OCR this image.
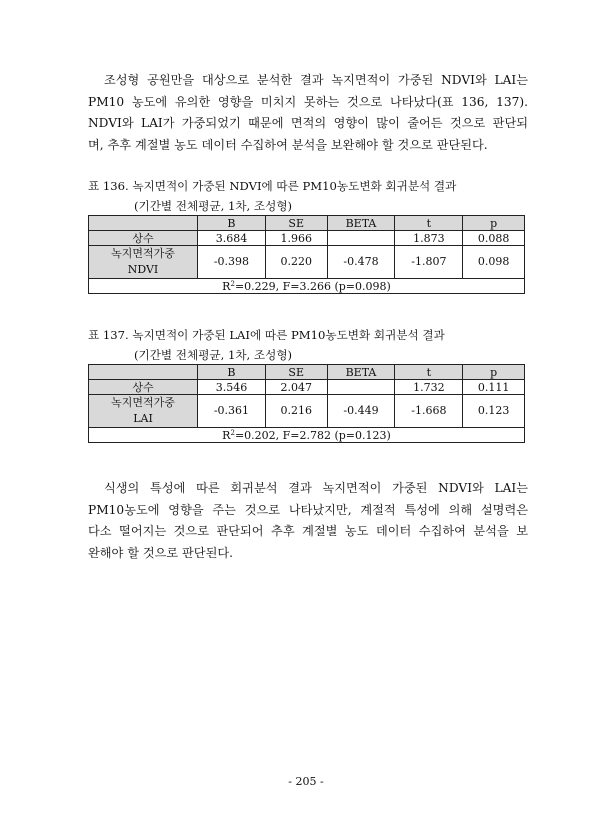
조성형 공원만을 대상으로 분석한 결과 녹지면적이 가중된 NDVI와 LAI는
PM10 농도에 유의한 영향을 미치지 못하는 것으로 나타났다(표 136, 137).
NDVI와 LAI가 가중되었기 때문에 면적의 영향이 많이 줄어든 것으로 판단되
며, 추후 계절별 농도 데이터 수집하여 분석을 보완해야 할 것으로 판단된다.

표 136. 녹지면적이 가중된 NDVI에 따른 PM10농도변화 회귀분석 결과

(기간별 전체평균, 1차, 조성형)

	B	SE	BETA	t	p
상수	3.684	1.966		1.873	0.088
녹지면적가중
NDVI	-0.398	0.220	-0.478	-1.807	0.098
$R^2=0.229$, F=3.266 (p=0.098)					

표 137. 녹지면적이 가중된 LAI에 따른 PM10농도변화 회귀분석 결과

(기간별 전체평균, 1차, 조성형)

	B	SE	BETA	t	p
상수	3.546	2.047		1.732	0.111
녹지면적가중
LAI	-0.361	0.216	-0.449	-1.668	0.123
$R^2=0.202$, F=2.782 (p=0.123)					
식생의 특성에 따른 회귀분석 결과 녹지면적이 가중된 NDVI와 LAI는
PM10농도에 영향을 주는 것으로 나타났지만, 계절적 특성에 의해 설명력은
다소 떨어지는 것으로 판단되어 추후 계절별 농도 데이터 수집하여 분석을 보
완해야 할 것으로 판단된다.
- 205 -
